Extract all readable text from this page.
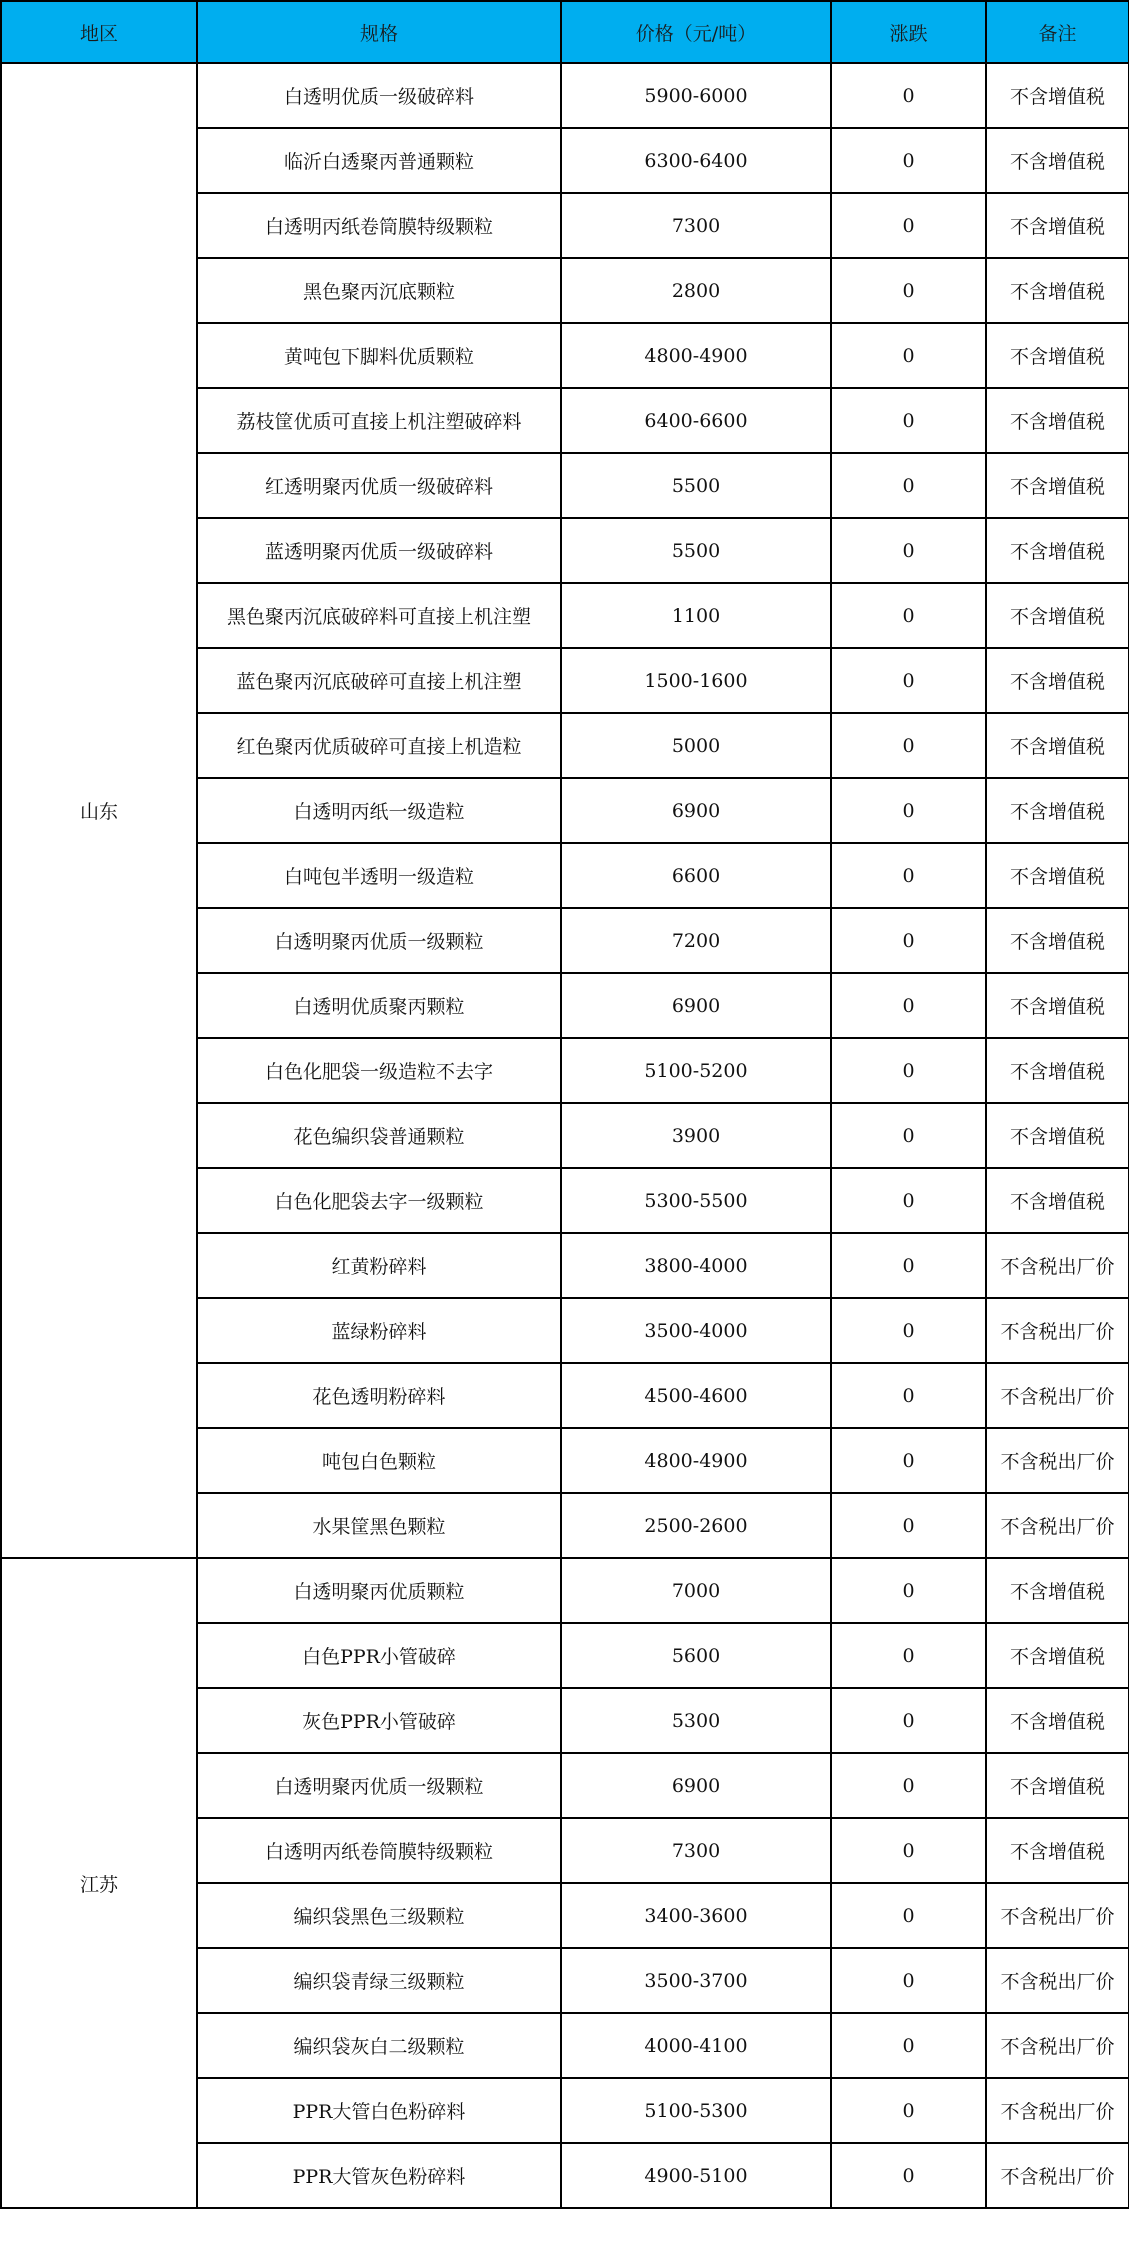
地区	规格	价格（元/吨）	涨跌	备注
山东	白透明优质一级破碎料	5900-6000	0	不含增值税
	临沂白透聚丙普通颗粒	6300-6400	0	不含增值税
	白透明丙纸卷筒膜特级颗粒	7300	0	不含增值税
	黑色聚丙沉底颗粒	2800	0	不含增值税
	黄吨包下脚料优质颗粒	4800-4900	0	不含增值税
	荔枝筐优质可直接上机注塑破碎料	6400-6600	0	不含增值税
	红透明聚丙优质一级破碎料	5500	0	不含增值税
	蓝透明聚丙优质一级破碎料	5500	0	不含增值税
	黑色聚丙沉底破碎料可直接上机注塑	1100	0	不含增值税
	蓝色聚丙沉底破碎可直接上机注塑	1500-1600	0	不含增值税
	红色聚丙优质破碎可直接上机造粒	5000	0	不含增值税
	白透明丙纸一级造粒	6900	0	不含增值税
	白吨包半透明一级造粒	6600	0	不含增值税
	白透明聚丙优质一级颗粒	7200	0	不含增值税
	白透明优质聚丙颗粒	6900	0	不含增值税
	白色化肥袋一级造粒不去字	5100-5200	0	不含增值税
	花色编织袋普通颗粒	3900	0	不含增值税
	白色化肥袋去字一级颗粒	5300-5500	0	不含增值税
	红黄粉碎料	3800-4000	0	不含税出厂价
	蓝绿粉碎料	3500-4000	0	不含税出厂价
	花色透明粉碎料	4500-4600	0	不含税出厂价
	吨包白色颗粒	4800-4900	0	不含税出厂价
	水果筐黑色颗粒	2500-2600	0	不含税出厂价
江苏	白透明聚丙优质颗粒	7000	0	不含增值税
	白色PPR小管破碎	5600	0	不含增值税
	灰色PPR小管破碎	5300	0	不含增值税
	白透明聚丙优质一级颗粒	6900	0	不含增值税
	白透明丙纸卷筒膜特级颗粒	7300	0	不含增值税
	编织袋黑色三级颗粒	3400-3600	0	不含税出厂价
	编织袋青绿三级颗粒	3500-3700	0	不含税出厂价
	编织袋灰白二级颗粒	4000-4100	0	不含税出厂价
	PPR大管白色粉碎料	5100-5300	0	不含税出厂价
	PPR大管灰色粉碎料	4900-5100	0	不含税出厂价
